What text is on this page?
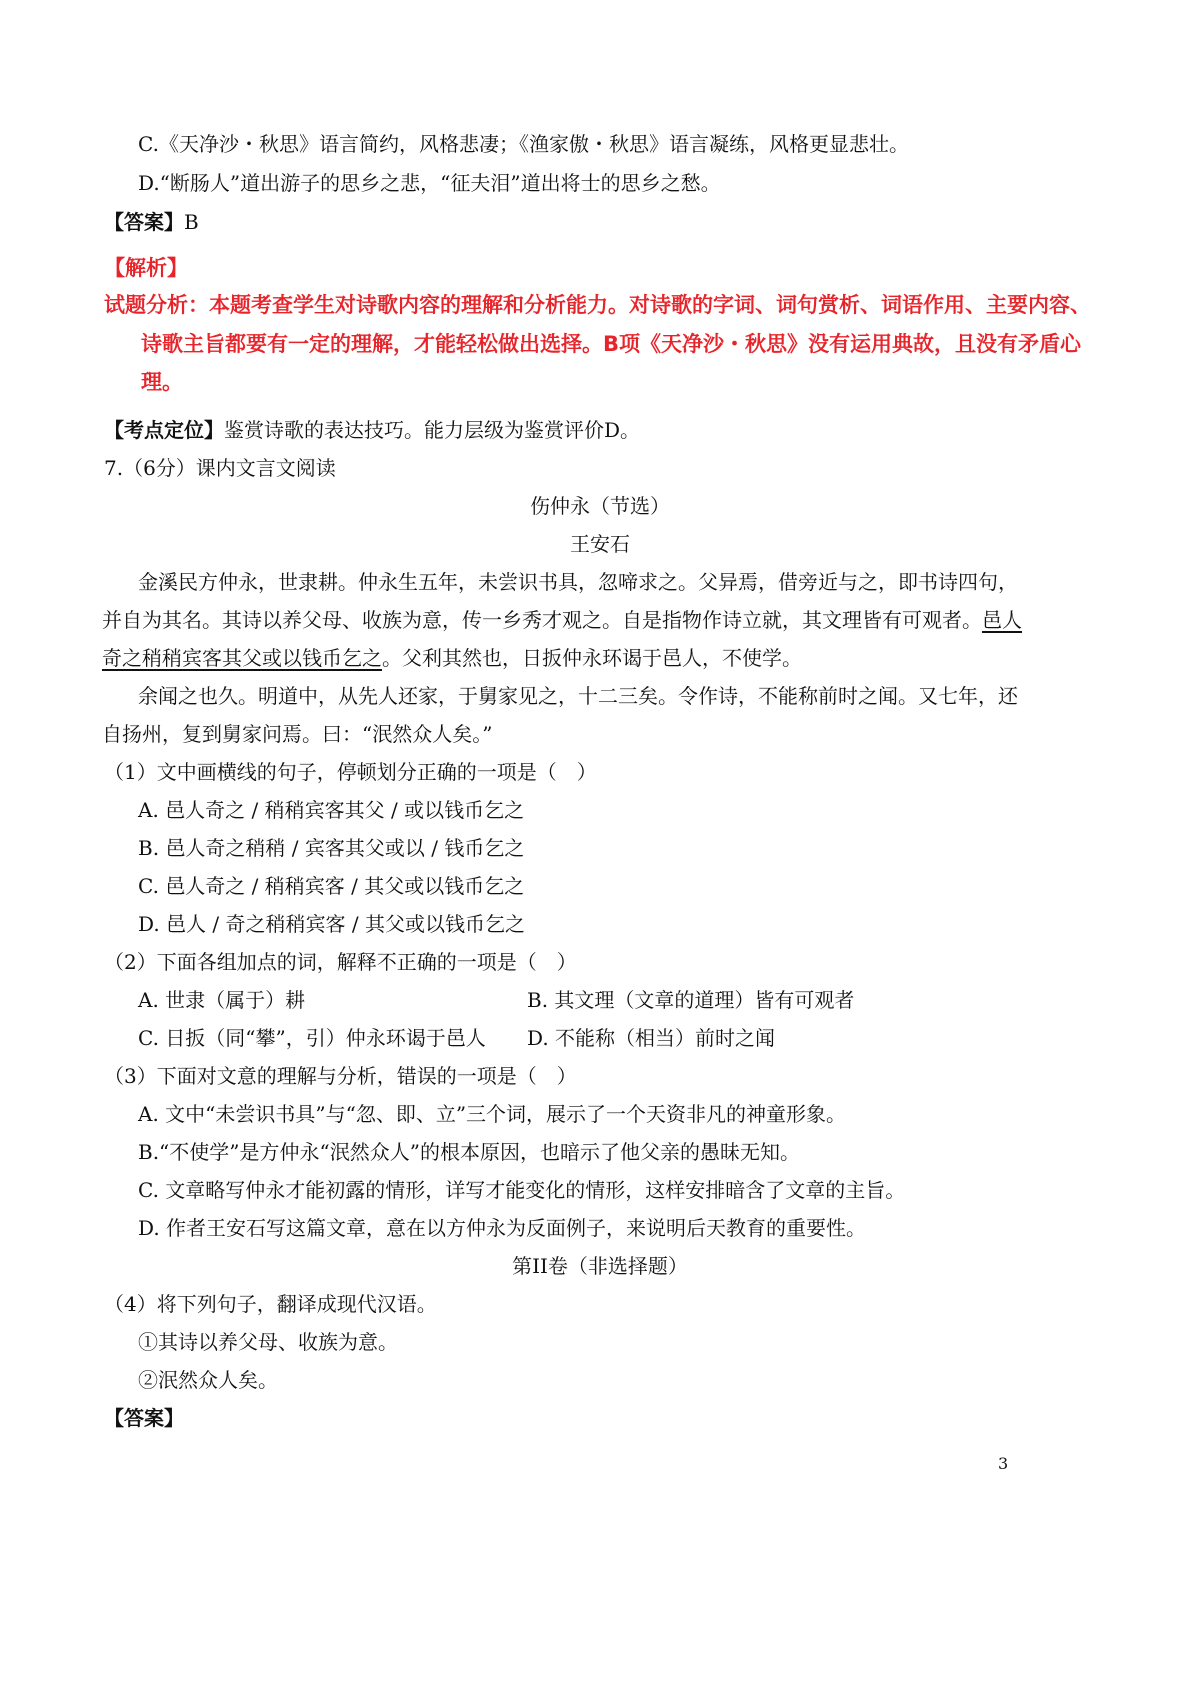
C.《天净沙・秋思》语言简约，风格悲凄；《渔家傲・秋思》语言凝练，风格更显悲壮。
D.“断肠人”道出游子的思乡之悲，“征夫泪”道出将士的思乡之愁。
【答案】B
【解析】
试题分析：本题考查学生对诗歌内容的理解和分析能力。对诗歌的字词、词句赏析、词语作用、主要内容、
诗歌主旨都要有一定的理解，才能轻松做出选择。B项《天净沙・秋思》没有运用典故，且没有矛盾心
理。
【考点定位】鉴赏诗歌的表达技巧。能力层级为鉴赏评价D。
7.（6分）课内文言文阅读
伤仲永（节选）
王安石
金溪民方仲永，世隶耕。仲永生五年，未尝识书具，忽啼求之。父异焉，借旁近与之，即书诗四句，
并自为其名。其诗以养父母、收族为意，传一乡秀才观之。自是指物作诗立就，其文理皆有可观者。邑人
奇之稍稍宾客其父或以钱币乞之。父利其然也，日扳仲永环谒于邑人，不使学。
余闻之也久。明道中，从先人还家，于舅家见之，十二三矣。令作诗，不能称前时之闻。又七年，还
自扬州，复到舅家问焉。曰：“泯然众人矣。”
（1）文中画横线的句子，停顿划分正确的一项是（　）
A. 邑人奇之 / 稍稍宾客其父 / 或以钱币乞之
B. 邑人奇之稍稍 / 宾客其父或以 / 钱币乞之
C. 邑人奇之 / 稍稍宾客 / 其父或以钱币乞之
D. 邑人 / 奇之稍稍宾客 / 其父或以钱币乞之
（2）下面各组加点的词，解释不正确的一项是（　）
A. 世隶（属于）耕	B. 其文理（文章的道理）皆有可观者
C. 日扳（同“攀”，引）仲永环谒于邑人 D. 不能称（相当）前时之闻
（3）下面对文意的理解与分析，错误的一项是（　）
A. 文中“未尝识书具”与“忽、即、立”三个词，展示了一个天资非凡的神童形象。
B.“不使学”是方仲永“泯然众人”的根本原因，也暗示了他父亲的愚昧无知。
C. 文章略写仲永才能初露的情形，详写才能变化的情形，这样安排暗含了文章的主旨。
D. 作者王安石写这篇文章，意在以方仲永为反面例子，来说明后天教育的重要性。
第II卷（非选择题）
（4）将下列句子，翻译成现代汉语。
①其诗以养父母、收族为意。
②泯然众人矣。
【答案】
3
